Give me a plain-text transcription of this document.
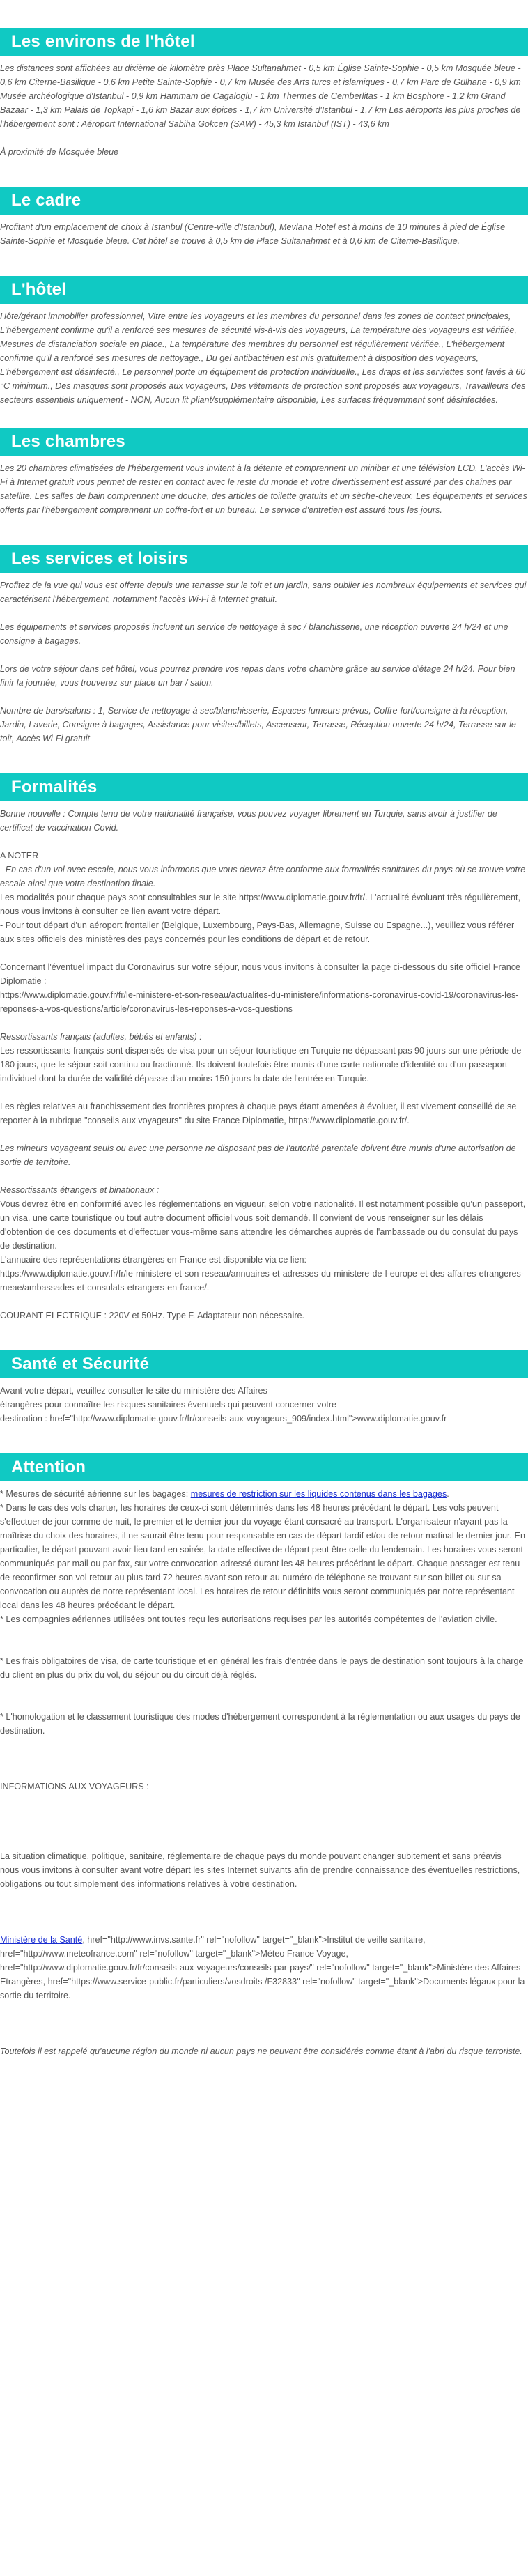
Les environs de l'hôtel

Les distances sont affichées au dixième de kilomètre près Place Sultanahmet - 0,5 km Église Sainte-Sophie - 0,5 km Mosquée bleue - 0,6 km Citerne-Basilique - 0,6 km Petite Sainte-Sophie - 0,7 km Musée des Arts turcs et islamiques - 0,7 km Parc de Gülhane - 0,9 km Musée archéologique d'Istanbul - 0,9 km Hammam de Cagaloglu - 1 km Thermes de Cemberlitas - 1 km Bosphore - 1,2 km Grand Bazaar - 1,3 km Palais de Topkapi - 1,6 km Bazar aux épices - 1,7 km Université d'Istanbul - 1,7 km Les aéroports les plus proches de l'hébergement sont : Aéroport International Sabiha Gokcen (SAW) - 45,3 km Istanbul (IST) - 43,6 km

À proximité de Mosquée bleue

Le cadre

Profitant d'un emplacement de choix à Istanbul (Centre-ville d'Istanbul), Mevlana Hotel est à moins de 10 minutes à pied de Église Sainte-Sophie et Mosquée bleue. Cet hôtel se trouve à 0,5 km de Place Sultanahmet et à 0,6 km de Citerne-Basilique.

L'hôtel

Hôte/gérant immobilier professionnel, Vitre entre les voyageurs et les membres du personnel dans les zones de contact principales, L'hébergement confirme qu'il a renforcé ses mesures de sécurité vis-à-vis des voyageurs, La température des voyageurs est vérifiée, Mesures de distanciation sociale en place., La température des membres du personnel est régulièrement vérifiée., L'hébergement confirme qu'il a renforcé ses mesures de nettoyage., Du gel antibactérien est mis gratuitement à disposition des voyageurs, L'hébergement est désinfecté., Le personnel porte un équipement de protection individuelle., Les draps et les serviettes sont lavés à 60 °C minimum., Des masques sont proposés aux voyageurs, Des vêtements de protection sont proposés aux voyageurs, Travailleurs des secteurs essentiels uniquement - NON, Aucun lit pliant/supplémentaire disponible, Les surfaces fréquemment sont désinfectées.

Les chambres

Les 20 chambres climatisées de l'hébergement vous invitent à la détente et comprennent un minibar et une télévision LCD. L'accès Wi-Fi à Internet gratuit vous permet de rester en contact avec le reste du monde et votre divertissement est assuré par des chaînes par satellite. Les salles de bain comprennent une douche, des articles de toilette gratuits et un sèche-cheveux. Les équipements et services offerts par l'hébergement comprennent un coffre-fort et un bureau. Le service d'entretien est assuré tous les jours.

Les services et loisirs

Profitez de la vue qui vous est offerte depuis une terrasse sur le toit et un jardin, sans oublier les nombreux équipements et services qui caractérisent l'hébergement, notamment l'accès Wi-Fi à Internet gratuit.

Les équipements et services proposés incluent un service de nettoyage à sec / blanchisserie, une réception ouverte 24 h/24 et une consigne à bagages.

Lors de votre séjour dans cet hôtel, vous pourrez prendre vos repas dans votre chambre grâce au service d'étage 24 h/24. Pour bien finir la journée, vous trouverez sur place un bar / salon.

Nombre de bars/salons : 1, Service de nettoyage à sec/blanchisserie, Espaces fumeurs prévus, Coffre-fort/consigne à la réception, Jardin, Laverie, Consigne à bagages, Assistance pour visites/billets, Ascenseur, Terrasse, Réception ouverte 24 h/24, Terrasse sur le toit, Accès Wi-Fi gratuit

Formalités

Bonne nouvelle : Compte tenu de votre nationalité française, vous pouvez voyager librement en Turquie, sans avoir à justifier de certificat de vaccination Covid.

A NOTER

- En cas d'un vol avec escale, nous vous informons que vous devrez être conforme aux formalités sanitaires du pays où se trouve votre escale ainsi que votre destination finale.

Les modalités pour chaque pays sont consultables sur le site https://www.diplomatie.gouv.fr/fr/. L'actualité évoluant très régulièrement, nous vous invitons à consulter ce lien avant votre départ.

- Pour tout départ d'un aéroport frontalier (Belgique, Luxembourg, Pays-Bas, Allemagne, Suisse ou Espagne...), veuillez vous référer aux sites officiels des ministères des pays concernés pour les conditions de départ et de retour.

Concernant l'éventuel impact du Coronavirus sur votre séjour, nous vous invitons à consulter la page ci-dessous du site officiel France Diplomatie :

https://www.diplomatie.gouv.fr/fr/le-ministere-et-son-reseau/actualites-du-ministere/informations-coronavirus-covid-19/coronavirus-les-reponses-a-vos-questions/article/coronavirus-les-reponses-a-vos-questions

Ressortissants français (adultes, bébés et enfants) :

Les ressortissants français sont dispensés de visa pour un séjour touristique en Turquie ne dépassant pas 90 jours sur une période de 180 jours, que le séjour soit continu ou fractionné. Ils doivent toutefois être munis d'une carte nationale d'identité ou d'un passeport individuel dont la durée de validité dépasse d'au moins 150 jours la date de l'entrée en Turquie.

Les règles relatives au franchissement des frontières propres à chaque pays étant amenées à évoluer, il est vivement conseillé de se reporter à la rubrique "conseils aux voyageurs" du site France Diplomatie, https://www.diplomatie.gouv.fr/.

Les mineurs voyageant seuls ou avec une personne ne disposant pas de l'autorité parentale doivent être munis d'une autorisation de sortie de territoire.

Ressortissants étrangers et binationaux :

Vous devrez être en conformité avec les réglementations en vigueur, selon votre nationalité. Il est notamment possible qu'un passeport, un visa, une carte touristique ou tout autre document officiel vous soit demandé. Il convient de vous renseigner sur les délais d'obtention de ces documents et d'effectuer vous-même sans attendre les démarches auprès de l'ambassade ou du consulat du pays de destination.

L'annuaire des représentations étrangères en France est disponible via ce lien:

https://www.diplomatie.gouv.fr/fr/le-ministere-et-son-reseau/annuaires-et-adresses-du-ministere-de-l-europe-et-des-affaires-etrangeres-meae/ambassades-et-consulats-etrangers-en-france/.

COURANT ELECTRIQUE : 220V et 50Hz. Type F. Adaptateur non nécessaire.

Santé et Sécurité

Avant votre départ, veuillez consulter le site du ministère des Affaires

étrangères pour connaître les risques sanitaires éventuels qui peuvent concerner votre

destination : href="http://www.diplomatie.gouv.fr/fr/conseils-aux-voyageurs_909/index.html">www.diplomatie.gouv.fr

Attention

* Mesures de sécurité aérienne sur les bagages: mesures de restriction sur les liquides contenus dans les bagages.

* Dans le cas des vols charter, les horaires de ceux-ci sont déterminés dans les 48 heures précédant le départ. Les vols peuvent s'effectuer de jour comme de nuit, le premier et le dernier jour du voyage étant consacré au transport. L'organisateur n'ayant pas la maîtrise du choix des horaires, il ne saurait être tenu pour responsable en cas de départ tardif et/ou de retour matinal le dernier jour. En particulier, le départ pouvant avoir lieu tard en soirée, la date effective de départ peut être celle du lendemain. Les horaires vous seront communiqués par mail ou par fax, sur votre convocation adressé durant les 48 heures précédant le départ. Chaque passager est tenu de reconfirmer son vol retour au plus tard 72 heures avant son retour au numéro de téléphone se trouvant sur son billet ou sur sa convocation ou auprès de notre représentant local. Les horaires de retour définitifs vous seront communiqués par notre représentant local dans les 48 heures précédant le départ.

* Les compagnies aériennes utilisées ont toutes reçu les autorisations requises par les autorités compétentes de l'aviation civile.

* Les frais obligatoires de visa, de carte touristique et en général les frais d'entrée dans le pays de destination sont toujours à la charge du client en plus du prix du vol, du séjour ou du circuit déjà réglés.

* L'homologation et le classement touristique des modes d'hébergement correspondent à la réglementation ou aux usages du pays de destination.

INFORMATIONS AUX VOYAGEURS :

La situation climatique, politique, sanitaire, réglementaire de chaque pays du monde pouvant changer subitement et sans préavis

nous vous invitons à consulter avant votre départ les sites Internet suivants afin de prendre connaissance des éventuelles restrictions, obligations ou tout simplement des informations relatives à votre destination.

Ministère de la Santé, href="http://www.invs.sante.fr" rel="nofollow" target="_blank">Institut de veille sanitaire, href="http://www.meteofrance.com" rel="nofollow" target="_blank">Méteo France Voyage, href="http://www.diplomatie.gouv.fr/fr/conseils-aux-voyageurs/conseils-par-pays/" rel="nofollow" target="_blank">Ministère des Affaires Etrangères, href="https://www.service-public.fr/particuliers/vosdroits /F32833" rel="nofollow" target="_blank">Documents légaux pour la sortie du territoire.

Toutefois il est rappelé qu'aucune région du monde ni aucun pays ne peuvent être considérés comme étant à l'abri du risque terroriste.
